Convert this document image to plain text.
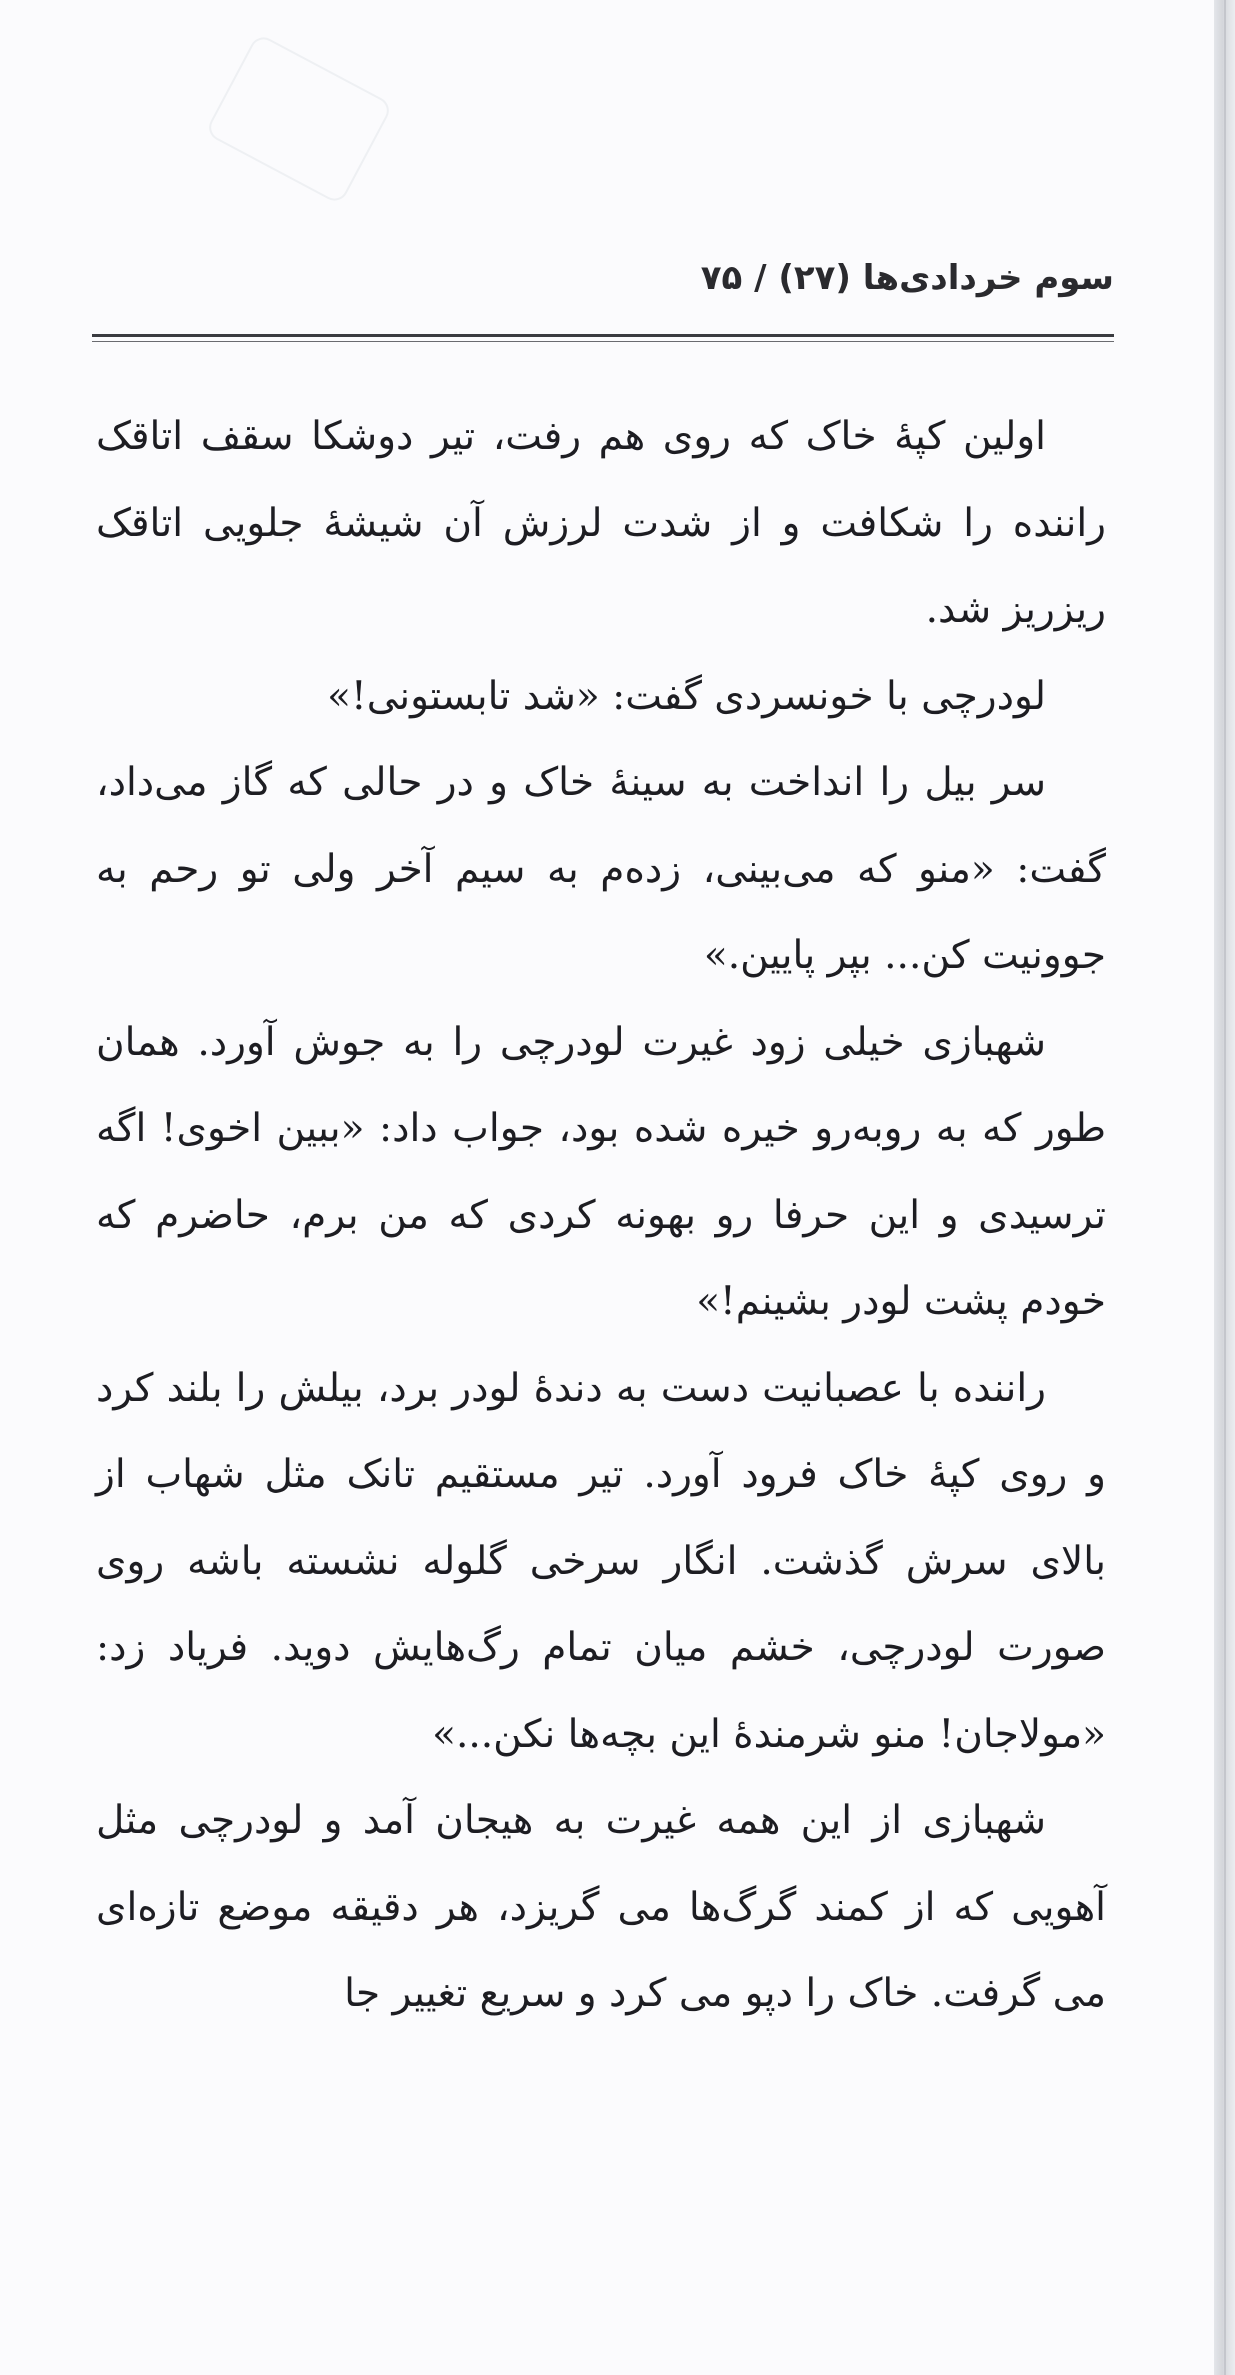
سوم خردادی‌ها (۲۷) / ۷۵

اولین کپهٔ خاک که روی هم رفت، تیر دوشکا سقف اتاقک راننده را شکافت و از شدت لرزش آن شیشهٔ جلویی اتاقک ریزریز شد.

لودرچی با خونسردی گفت: «شد تابستونی!»

سر بیل را انداخت به سینهٔ خاک و در حالی که گاز می‌داد، گفت: «منو که می‌بینی، زدەم به سیم آخر ولی تو رحم به جوونیت کن... بپر پایین.»

شهبازی خیلی زود غیرت لودرچی را به جوش آورد. همان طور که به روبه‌رو خیره شده بود، جواب داد: «ببین اخوی! اگه ترسیدی و این حرفا رو بهونه کردی که من برم، حاضرم که خودم پشت لودر بشینم!»

راننده با عصبانیت دست به دندهٔ لودر برد، بیلش را بلند کرد و روی کپهٔ خاک فرود آورد. تیر مستقیم تانک مثل شهاب از بالای سرش گذشت. انگار سرخی گلوله نشسته باشه روی صورت لودرچی، خشم میان تمام رگ‌هایش دوید. فریاد زد: «مولاجان! منو شرمندهٔ این بچه‌ها نکن...»

شهبازی از این همه غیرت به هیجان آمد و لودرچی مثل آهویی که از کمند گرگ‌ها می گریزد، هر دقیقه موضع تازه‌ای می گرفت. خاک را دپو می کرد و سریع تغییر جا
